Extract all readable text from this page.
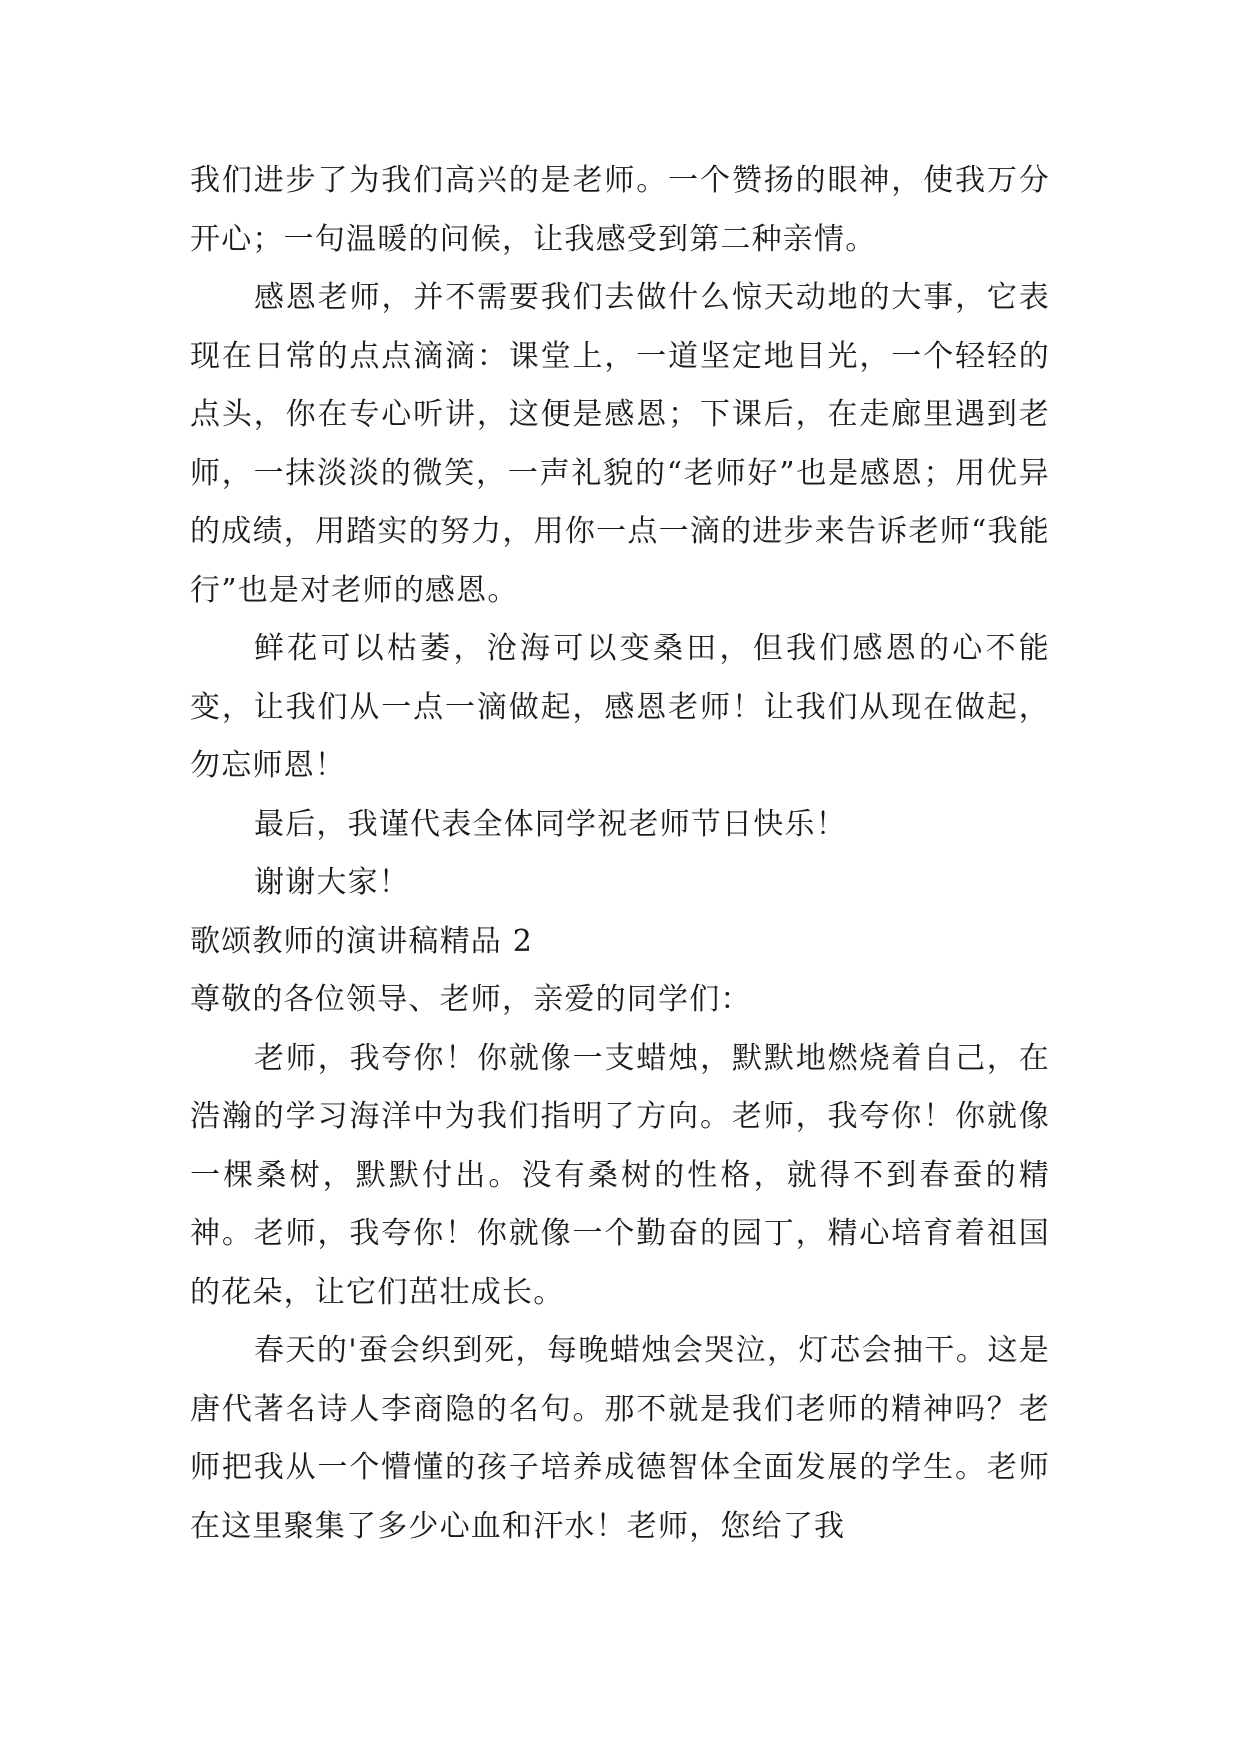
我们进步了为我们高兴的是老师。一个赞扬的眼神，使我万分开心；一句温暖的问候，让我感受到第二种亲情。

感恩老师，并不需要我们去做什么惊天动地的大事，它表现在日常的点点滴滴：课堂上，一道坚定地目光，一个轻轻的点头，你在专心听讲，这便是感恩；下课后，在走廊里遇到老师，一抹淡淡的微笑，一声礼貌的“老师好”也是感恩；用优异的成绩，用踏实的努力，用你一点一滴的进步来告诉老师“我能行”也是对老师的感恩。

鲜花可以枯萎，沧海可以变桑田，但我们感恩的心不能变，让我们从一点一滴做起，感恩老师！让我们从现在做起，勿忘师恩！

最后，我谨代表全体同学祝老师节日快乐！

谢谢大家！

歌颂教师的演讲稿精品 2

尊敬的各位领导、老师，亲爱的同学们：

老师，我夸你！你就像一支蜡烛，默默地燃烧着自己，在浩瀚的学习海洋中为我们指明了方向。老师，我夸你！你就像一棵桑树，默默付出。没有桑树的性格，就得不到春蚕的精神。老师，我夸你！你就像一个勤奋的园丁，精心培育着祖国的花朵，让它们茁壮成长。

春天的'蚕会织到死，每晚蜡烛会哭泣，灯芯会抽干。这是唐代著名诗人李商隐的名句。那不就是我们老师的精神吗？老师把我从一个懵懂的孩子培养成德智体全面发展的学生。老师在这里聚集了多少心血和汗水！老师，您给了我
